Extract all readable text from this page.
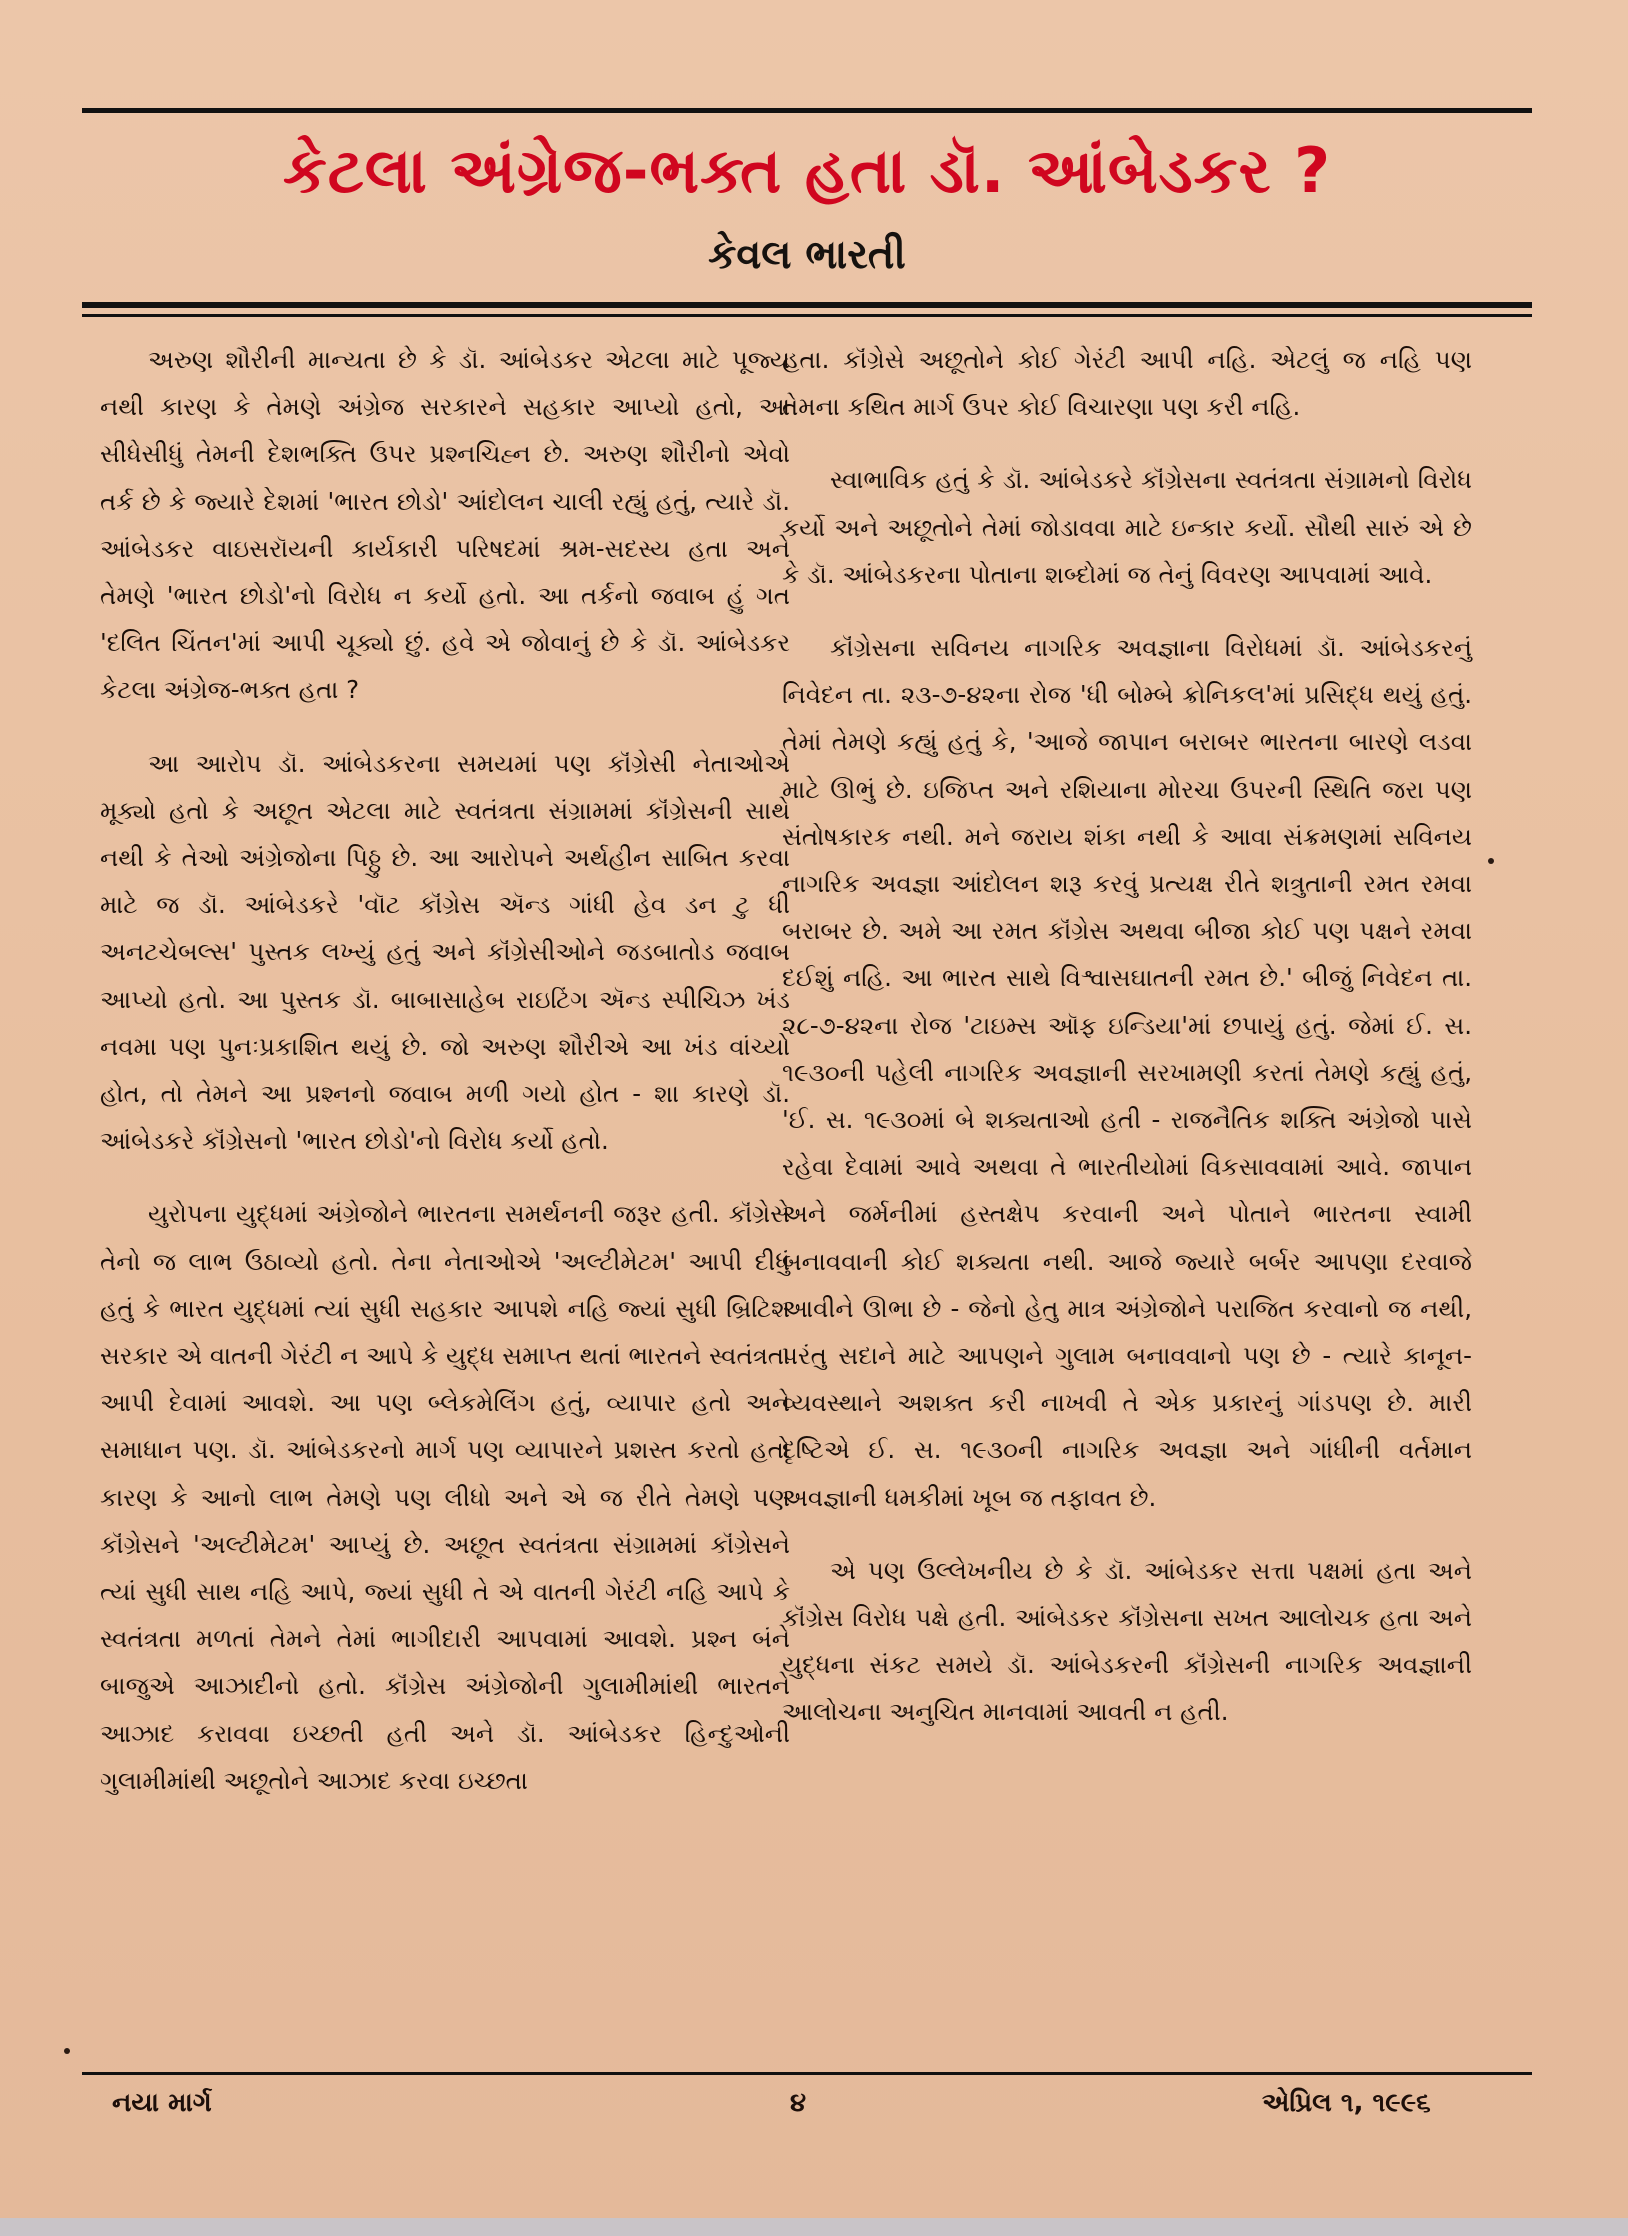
કેટલા અંગ્રેજ-ભક્ત હતા ડૉ. આંબેડકર ?
કેવલ ભારતી

અરુણ શૌરીની માન્યતા છે કે ડૉ. આંબેડકર એટલા માટે પૂજ્ય નથી કારણ કે તેમણે અંગ્રેજ સરકારને સહકાર આપ્યો હતો, આ સીધેસીધું તેમની દેશભક્તિ ઉપર પ્રશ્નચિહ્ન છે. અરુણ શૌરીનો એવો તર્ક છે કે જ્યારે દેશમાં 'ભારત છોડો' આંદોલન ચાલી રહ્યું હતું, ત્યારે ડૉ. આંબેડકર વાઇસરૉયની કાર્યકારી પરિષદમાં શ્રમ-સદસ્ય હતા અને તેમણે 'ભારત છોડો'નો વિરોધ ન કર્યો હતો. આ તર્કનો જવાબ હું ગત 'દલિત ચિંતન'માં આપી ચૂક્યો છું. હવે એ જોવાનું છે કે ડૉ. આંબેડકર કેટલા અંગ્રેજ-ભક્ત હતા ?

આ આરોપ ડૉ. આંબેડકરના સમયમાં પણ કૉંગ્રેસી નેતાઓએ મૂક્યો હતો કે અછૂત એટલા માટે સ્વતંત્રતા સંગ્રામમાં કૉંગ્રેસની સાથે નથી કે તેઓ અંગ્રેજોના પિઠ્ઠુ છે. આ આરોપને અર્થહીન સાબિત કરવા માટે જ ડૉ. આંબેડકરે 'વૉટ કૉંગ્રેસ ઍન્ડ ગાંધી હેવ ડન ટુ ધી અનટચેબલ્સ' પુસ્તક લખ્યું હતું અને કૉંગ્રેસીઓને જડબાતોડ જવાબ આપ્યો હતો. આ પુસ્તક ડૉ. બાબાસાહેબ રાઇટિંગ ઍન્ડ સ્પીચિઝ ખંડ નવમા પણ પુનઃપ્રકાશિત થયું છે. જો અરુણ શૌરીએ આ ખંડ વાંચ્યો હોત, તો તેમને આ પ્રશ્નનો જવાબ મળી ગયો હોત - શા કારણે ડૉ. આંબેડકરે કૉંગ્રેસનો 'ભારત છોડો'નો વિરોધ કર્યો હતો.

યુરોપના યુદ્ધમાં અંગ્રેજોને ભારતના સમર્થનની જરૂર હતી. કૉંગ્રેસે તેનો જ લાભ ઉઠાવ્યો હતો. તેના નેતાઓએ 'અલ્ટીમેટમ' આપી દીધું હતું કે ભારત યુદ્ધમાં ત્યાં સુધી સહકાર આપશે નહિ જ્યાં સુધી બ્રિટિશ સરકાર એ વાતની ગેરંટી ન આપે કે યુદ્ધ સમાપ્ત થતાં ભારતને સ્વતંત્રતા આપી દેવામાં આવશે. આ પણ બ્લેકમેલિંગ હતું, વ્યાપાર હતો અને સમાધાન પણ. ડૉ. આંબેડકરનો માર્ગ પણ વ્યાપારને પ્રશસ્ત કરતો હતો કારણ કે આનો લાભ તેમણે પણ લીધો અને એ જ રીતે તેમણે પણ કૉંગ્રેસને 'અલ્ટીમેટમ' આપ્યું છે. અછૂત સ્વતંત્રતા સંગ્રામમાં કૉંગ્રેસને ત્યાં સુધી સાથ નહિ આપે, જ્યાં સુધી તે એ વાતની ગેરંટી નહિ આપે કે સ્વતંત્રતા મળતાં તેમને તેમાં ભાગીદારી આપવામાં આવશે. પ્રશ્ન બંને બાજુએ આઝાદીનો હતો. કૉંગ્રેસ અંગ્રેજોની ગુલામીમાંથી ભારતને આઝાદ કરાવવા ઇચ્છતી હતી અને ડૉ. આંબેડકર હિન્દુઓની ગુલામીમાંથી અછૂતોને આઝાદ કરવા ઇચ્છતા

હતા. કૉંગ્રેસે અછૂતોને કોઈ ગેરંટી આપી નહિ. એટલું જ નહિ પણ તેમના કથિત માર્ગ ઉપર કોઈ વિચારણા પણ કરી નહિ.

સ્વાભાવિક હતું કે ડૉ. આંબેડકરે કૉંગ્રેસના સ્વતંત્રતા સંગ્રામનો વિરોધ કર્યો અને અછૂતોને તેમાં જોડાવવા માટે ઇન્કાર કર્યો. સૌથી સારું એ છે કે ડૉ. આંબેડકરના પોતાના શબ્દોમાં જ તેનું વિવરણ આપવામાં આવે.

કૉંગ્રેસના સવિનય નાગરિક અવજ્ઞાના વિરોધમાં ડૉ. આંબેડકરનું નિવેદન તા. ૨૩-૭-૪૨ના રોજ 'ધી બોમ્બે ક્રોનિકલ'માં પ્રસિદ્ધ થયું હતું. તેમાં તેમણે કહ્યું હતું કે, 'આજે જાપાન બરાબર ભારતના બારણે લડવા માટે ઊભું છે. ઇજિપ્ત અને રશિયાના મોરચા ઉપરની સ્થિતિ જરા પણ સંતોષકારક નથી. મને જરાય શંકા નથી કે આવા સંક્રમણમાં સવિનય નાગરિક અવજ્ઞા આંદોલન શરૂ કરવું પ્રત્યક્ષ રીતે શત્રુતાની રમત રમવા બરાબર છે. અમે આ રમત કૉંગ્રેસ અથવા બીજા કોઈ પણ પક્ષને રમવા દઈશું નહિ. આ ભારત સાથે વિશ્વાસઘાતની રમત છે.' બીજું નિવેદન તા. ૨૮-૭-૪૨ના રોજ 'ટાઇમ્સ ઑફ ઇન્ડિયા'માં છપાયું હતું. જેમાં ઈ. સ. ૧૯૩૦ની પહેલી નાગરિક અવજ્ઞાની સરખામણી કરતાં તેમણે કહ્યું હતું, 'ઈ. સ. ૧૯૩૦માં બે શક્યતાઓ હતી - રાજનૈતિક શક્તિ અંગ્રેજો પાસે રહેવા દેવામાં આવે અથવા તે ભારતીયોમાં વિકસાવવામાં આવે. જાપાન અને જર્મનીમાં હસ્તક્ષેપ કરવાની અને પોતાને ભારતના સ્વામી બનાવવાની કોઈ શક્યતા નથી. આજે જ્યારે બર્બર આપણા દરવાજે આવીને ઊભા છે - જેનો હેતુ માત્ર અંગ્રેજોને પરાજિત કરવાનો જ નથી, પરંતુ સદાને માટે આપણને ગુલામ બનાવવાનો પણ છે - ત્યારે કાનૂન-વ્યવસ્થાને અશક્ત કરી નાખવી તે એક પ્રકારનું ગાંડપણ છે. મારી દૃષ્ટિએ ઈ. સ. ૧૯૩૦ની નાગરિક અવજ્ઞા અને ગાંધીની વર્તમાન અવજ્ઞાની ધમકીમાં ખૂબ જ તફાવત છે.

એ પણ ઉલ્લેખનીય છે કે ડૉ. આંબેડકર સત્તા પક્ષમાં હતા અને કૉંગ્રેસ વિરોધ પક્ષે હતી. આંબેડકર કૉંગ્રેસના સખત આલોચક હતા અને યુદ્ધના સંકટ સમયે ડૉ. આંબેડકરની કૉંગ્રેસની નાગરિક અવજ્ઞાની આલોચના અનુચિત માનવામાં આવતી ન હતી.

નયા માર્ગ	૪	એપ્રિલ ૧, ૧૯૯૬
